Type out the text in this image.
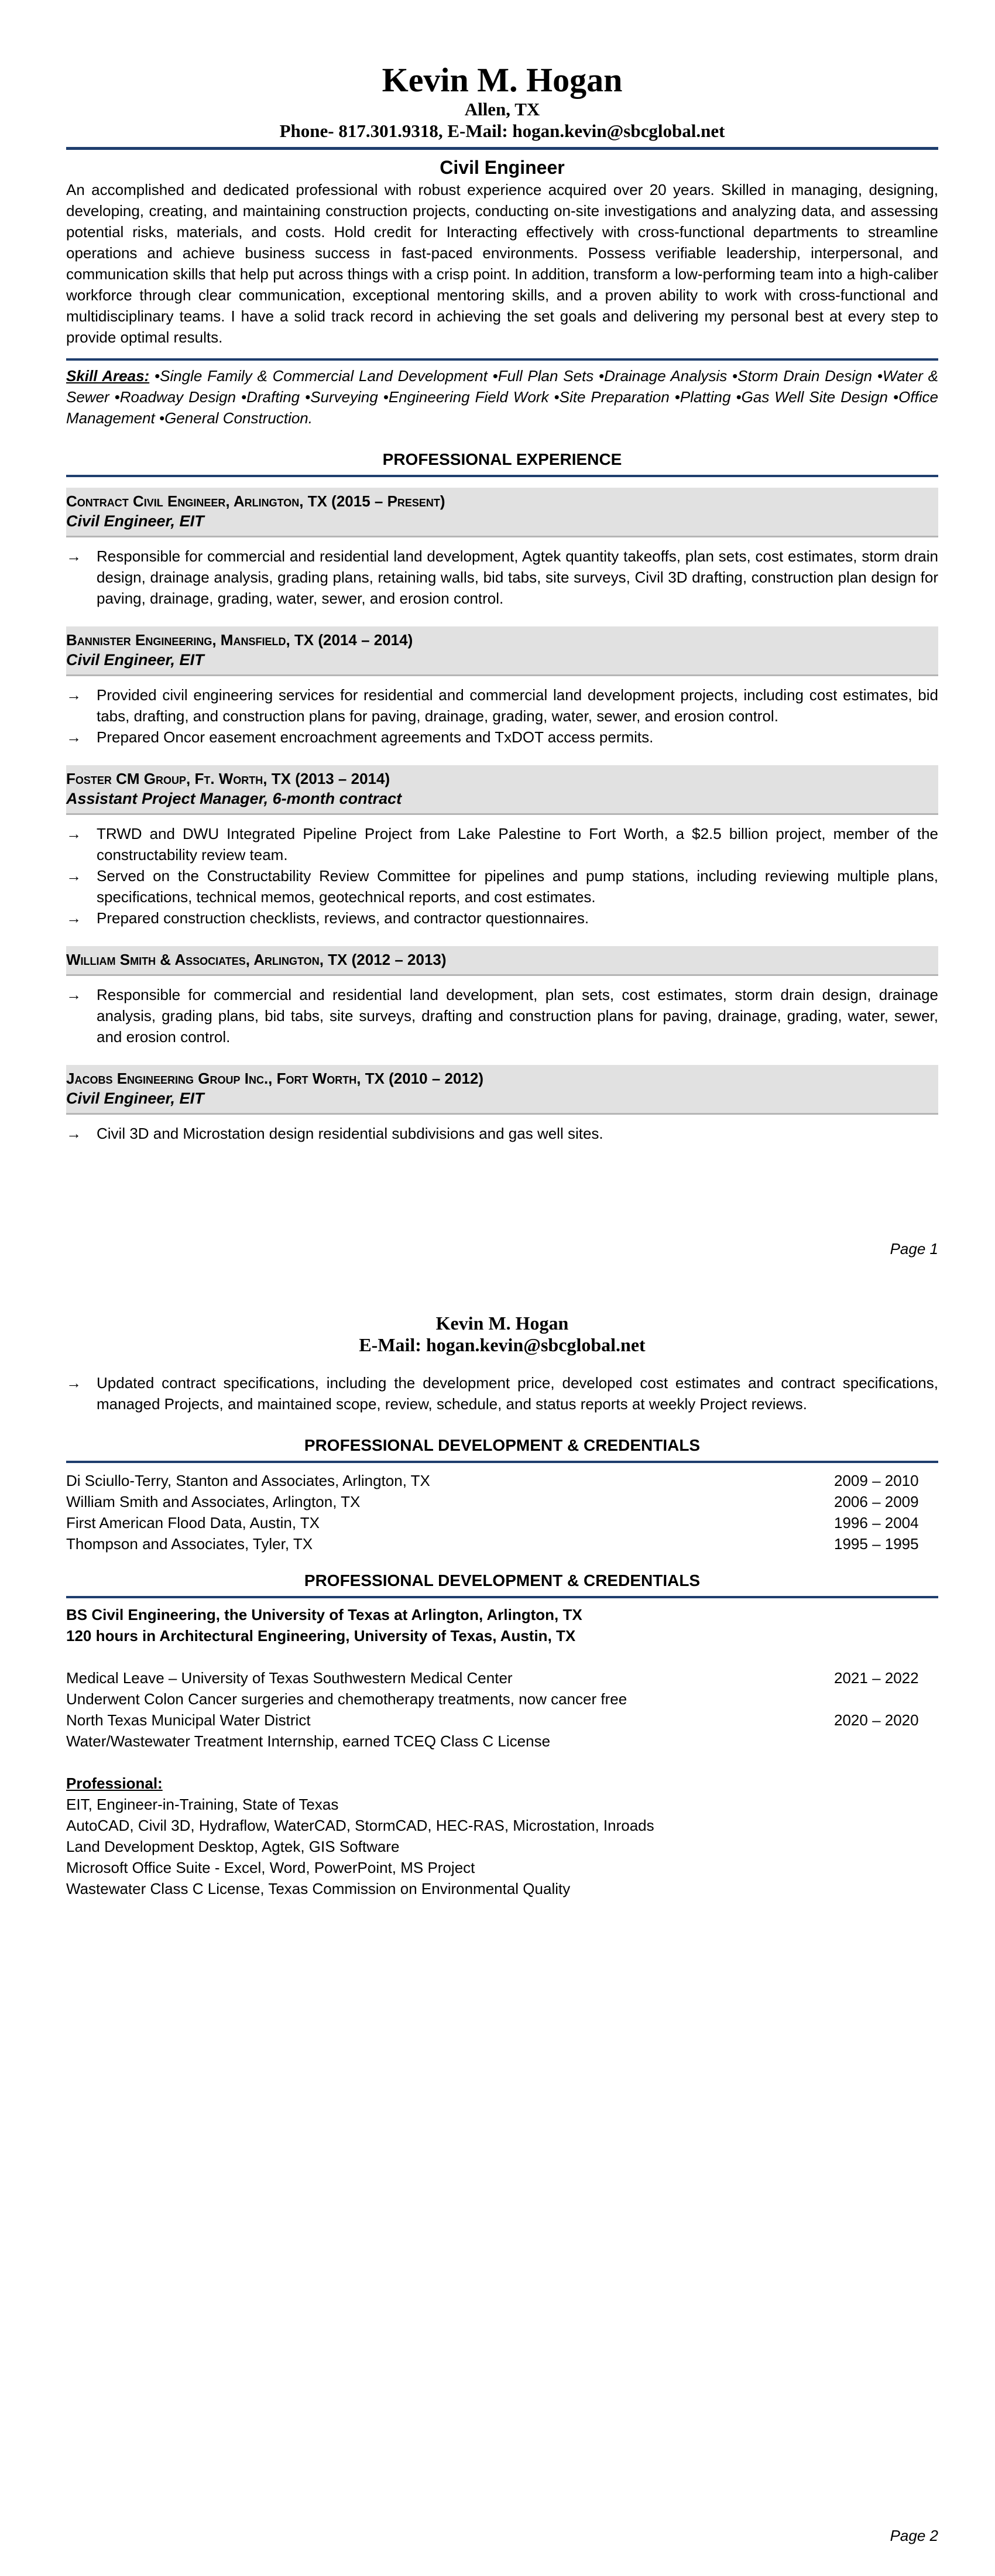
Kevin M. Hogan
Allen, TX
Phone- 817.301.9318, E-Mail: hogan.kevin@sbcglobal.net
Civil Engineer
An accomplished and dedicated professional with robust experience acquired over 20 years. Skilled in managing, designing, developing, creating, and maintaining construction projects, conducting on-site investigations and analyzing data, and assessing potential risks, materials, and costs. Hold credit for Interacting effectively with cross-functional departments to streamline operations and achieve business success in fast-paced environments. Possess verifiable leadership, interpersonal, and communication skills that help put across things with a crisp point. In addition, transform a low-performing team into a high-caliber workforce through clear communication, exceptional mentoring skills, and a proven ability to work with cross-functional and multidisciplinary teams. I have a solid track record in achieving the set goals and delivering my personal best at every step to provide optimal results.
Skill Areas: •Single Family & Commercial Land Development •Full Plan Sets •Drainage Analysis •Storm Drain Design •Water & Sewer •Roadway Design •Drafting •Surveying •Engineering Field Work •Site Preparation •Platting •Gas Well Site Design •Office Management •General Construction.
PROFESSIONAL EXPERIENCE
Contract Civil Engineer, Arlington, TX (2015 – Present)
Civil Engineer, EIT
→ Responsible for commercial and residential land development, Agtek quantity takeoffs, plan sets, cost estimates, storm drain design, drainage analysis, grading plans, retaining walls, bid tabs, site surveys, Civil 3D drafting, construction plan design for paving, drainage, grading, water, sewer, and erosion control.
Bannister Engineering, Mansfield, TX (2014 – 2014)
Civil Engineer, EIT
→ Provided civil engineering services for residential and commercial land development projects, including cost estimates, bid tabs, drafting, and construction plans for paving, drainage, grading, water, sewer, and erosion control.
→ Prepared Oncor easement encroachment agreements and TxDOT access permits.
Foster CM Group, Ft. Worth, TX (2013 – 2014)
Assistant Project Manager, 6-month contract
→ TRWD and DWU Integrated Pipeline Project from Lake Palestine to Fort Worth, a $2.5 billion project, member of the constructability review team.
→ Served on the Constructability Review Committee for pipelines and pump stations, including reviewing multiple plans, specifications, technical memos, geotechnical reports, and cost estimates.
→ Prepared construction checklists, reviews, and contractor questionnaires.
William Smith & Associates, Arlington, TX (2012 – 2013)
→ Responsible for commercial and residential land development, plan sets, cost estimates, storm drain design, drainage analysis, grading plans, bid tabs, site surveys, drafting and construction plans for paving, drainage, grading, water, sewer, and erosion control.
Jacobs Engineering Group Inc., Fort Worth, TX (2010 – 2012)
Civil Engineer, EIT
→ Civil 3D and Microstation design residential subdivisions and gas well sites.
Page 1
Kevin M. Hogan
E-Mail: hogan.kevin@sbcglobal.net
→ Updated contract specifications, including the development price, developed cost estimates and contract specifications, managed Projects, and maintained scope, review, schedule, and status reports at weekly Project reviews.
PROFESSIONAL DEVELOPMENT & CREDENTIALS
Di Sciullo-Terry, Stanton and Associates, Arlington, TX	2009 – 2010
William Smith and Associates, Arlington, TX	2006 – 2009
First American Flood Data, Austin, TX	1996 – 2004
Thompson and Associates, Tyler, TX	1995 – 1995
PROFESSIONAL DEVELOPMENT & CREDENTIALS
BS Civil Engineering, the University of Texas at Arlington, Arlington, TX
120 hours in Architectural Engineering, University of Texas, Austin, TX
Medical Leave – University of Texas Southwestern Medical Center	2021 – 2022
Underwent Colon Cancer surgeries and chemotherapy treatments, now cancer free
North Texas Municipal Water District	2020 – 2020
Water/Wastewater Treatment Internship, earned TCEQ Class C License
Professional:
EIT, Engineer-in-Training, State of Texas
AutoCAD, Civil 3D, Hydraflow, WaterCAD, StormCAD, HEC-RAS, Microstation, Inroads
Land Development Desktop, Agtek, GIS Software
Microsoft Office Suite - Excel, Word, PowerPoint, MS Project
Wastewater Class C License, Texas Commission on Environmental Quality
Page 2
